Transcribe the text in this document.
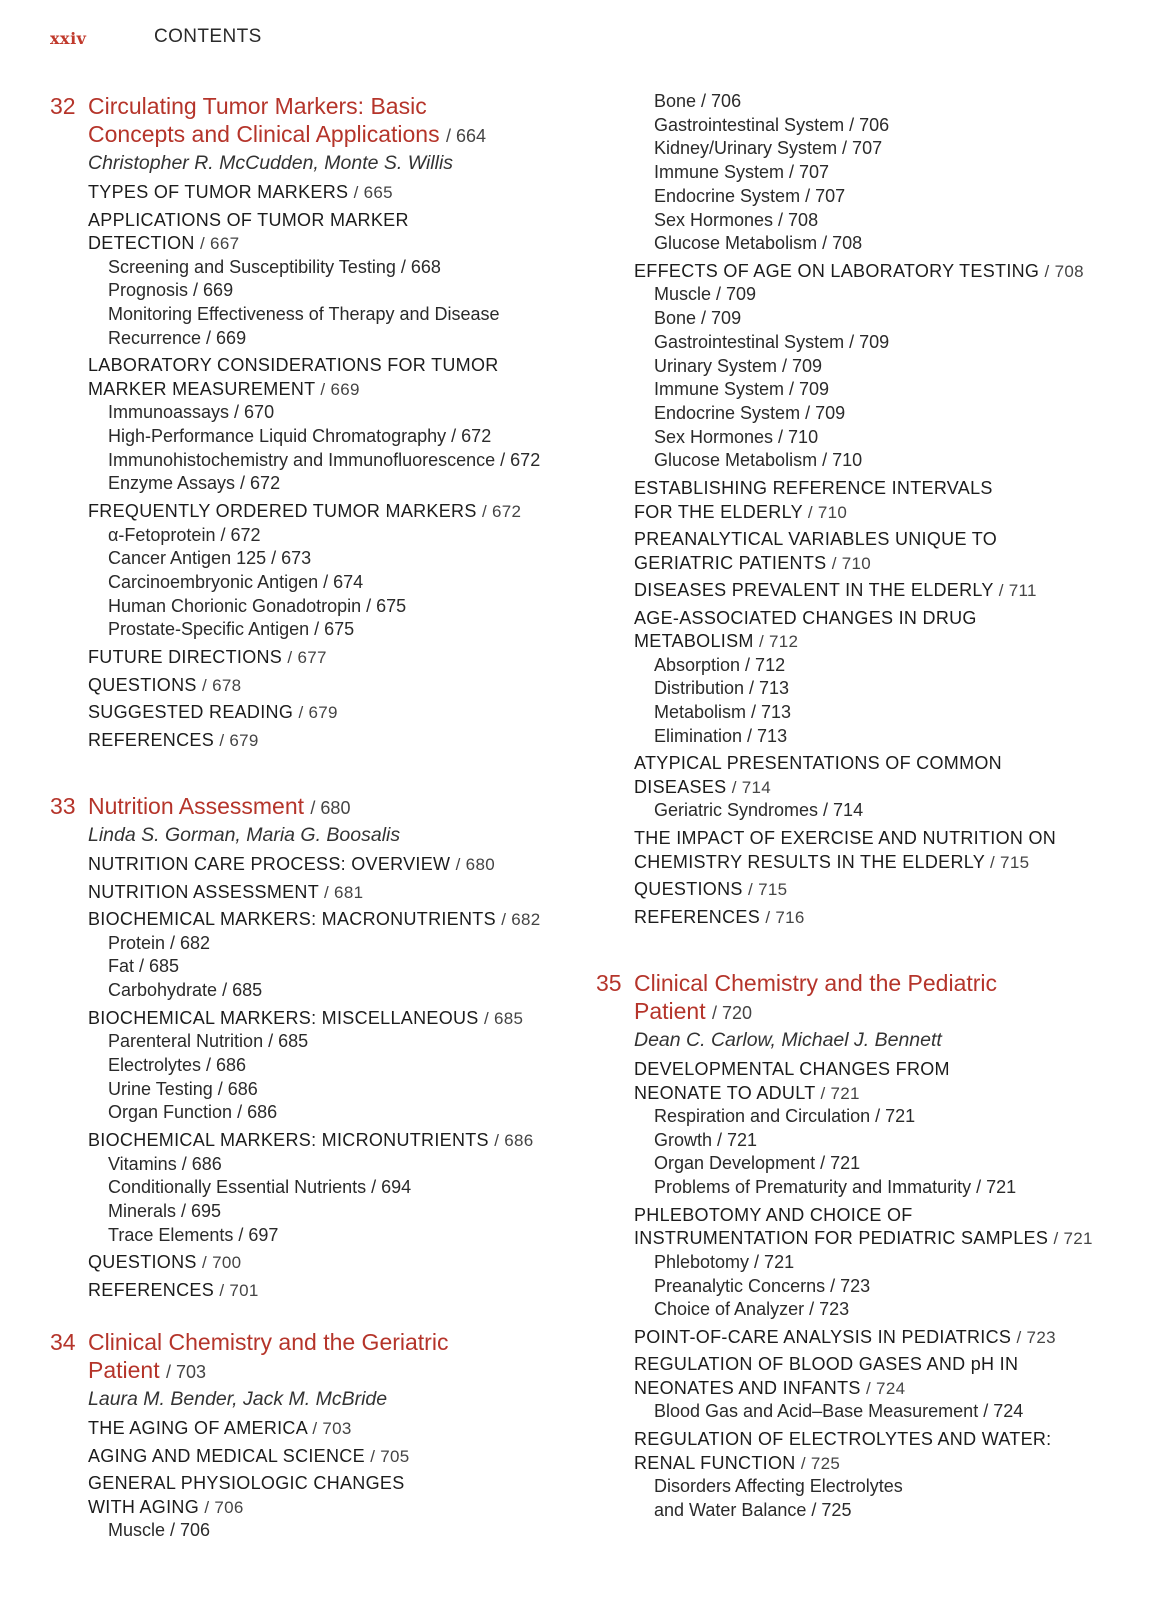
xxiv	CONTENTS
32 Circulating Tumor Markers: Basic
Concepts and Clinical Applications / 664
Christopher R. McCudden, Monte S. Willis
TYPES OF TUMOR MARKERS / 665
APPLICATIONS OF TUMOR MARKER
DETECTION / 667
Screening and Susceptibility Testing / 668
Prognosis / 669
Monitoring Effectiveness of Therapy and Disease
Recurrence / 669
LABORATORY CONSIDERATIONS FOR TUMOR
MARKER MEASUREMENT / 669
Immunoassays / 670
High-Performance Liquid Chromatography / 672
Immunohistochemistry and Immunofluorescence / 672
Enzyme Assays / 672
FREQUENTLY ORDERED TUMOR MARKERS / 672
α-Fetoprotein / 672
Cancer Antigen 125 / 673
Carcinoembryonic Antigen / 674
Human Chorionic Gonadotropin / 675
Prostate-Specific Antigen / 675
FUTURE DIRECTIONS / 677
QUESTIONS / 678
SUGGESTED READING / 679
REFERENCES / 679
33 Nutrition Assessment / 680
Linda S. Gorman, Maria G. Boosalis
NUTRITION CARE PROCESS: OVERVIEW / 680
NUTRITION ASSESSMENT / 681
BIOCHEMICAL MARKERS: MACRONUTRIENTS / 682
Protein / 682
Fat / 685
Carbohydrate / 685
BIOCHEMICAL MARKERS: MISCELLANEOUS / 685
Parenteral Nutrition / 685
Electrolytes / 686
Urine Testing / 686
Organ Function / 686
BIOCHEMICAL MARKERS: MICRONUTRIENTS / 686
Vitamins / 686
Conditionally Essential Nutrients / 694
Minerals / 695
Trace Elements / 697
QUESTIONS / 700
REFERENCES / 701
34 Clinical Chemistry and the Geriatric
Patient / 703
Laura M. Bender, Jack M. McBride
THE AGING OF AMERICA / 703
AGING AND MEDICAL SCIENCE / 705
GENERAL PHYSIOLOGIC CHANGES
WITH AGING / 706
Muscle / 706
Bone / 706
Gastrointestinal System / 706
Kidney/Urinary System / 707
Immune System / 707
Endocrine System / 707
Sex Hormones / 708
Glucose Metabolism / 708
EFFECTS OF AGE ON LABORATORY TESTING / 708
Muscle / 709
Bone / 709
Gastrointestinal System / 709
Urinary System / 709
Immune System / 709
Endocrine System / 709
Sex Hormones / 710
Glucose Metabolism / 710
ESTABLISHING REFERENCE INTERVALS
FOR THE ELDERLY / 710
PREANALYTICAL VARIABLES UNIQUE TO
GERIATRIC PATIENTS / 710
DISEASES PREVALENT IN THE ELDERLY / 711
AGE-ASSOCIATED CHANGES IN DRUG
METABOLISM / 712
Absorption / 712
Distribution / 713
Metabolism / 713
Elimination / 713
ATYPICAL PRESENTATIONS OF COMMON
DISEASES / 714
Geriatric Syndromes / 714
THE IMPACT OF EXERCISE AND NUTRITION ON
CHEMISTRY RESULTS IN THE ELDERLY / 715
QUESTIONS / 715
REFERENCES / 716
35 Clinical Chemistry and the Pediatric
Patient / 720
Dean C. Carlow, Michael J. Bennett
DEVELOPMENTAL CHANGES FROM
NEONATE TO ADULT / 721
Respiration and Circulation / 721
Growth / 721
Organ Development / 721
Problems of Prematurity and Immaturity / 721
PHLEBOTOMY AND CHOICE OF
INSTRUMENTATION FOR PEDIATRIC SAMPLES / 721
Phlebotomy / 721
Preanalytic Concerns / 723
Choice of Analyzer / 723
POINT-OF-CARE ANALYSIS IN PEDIATRICS / 723
REGULATION OF BLOOD GASES AND pH IN
NEONATES AND INFANTS / 724
Blood Gas and Acid–Base Measurement / 724
REGULATION OF ELECTROLYTES AND WATER:
RENAL FUNCTION / 725
Disorders Affecting Electrolytes
and Water Balance / 725
